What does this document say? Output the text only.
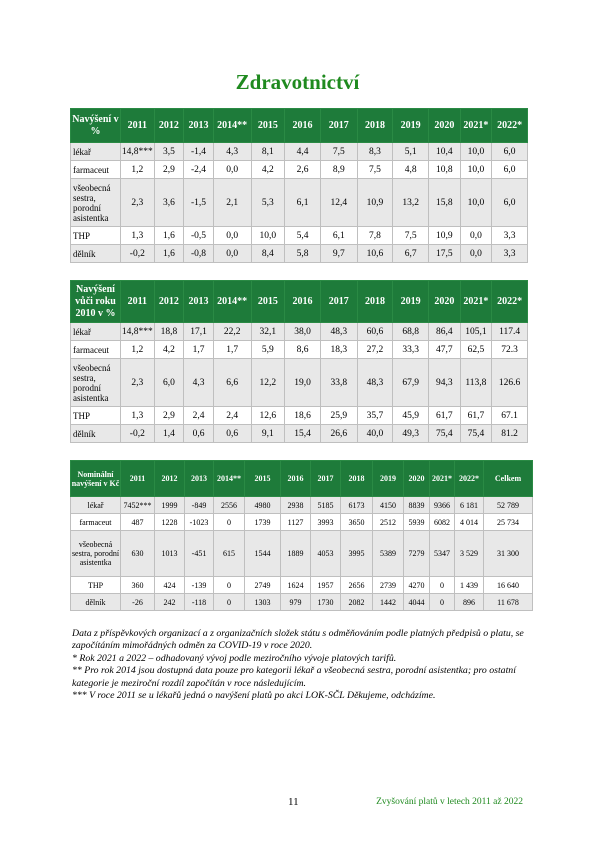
Zdravotnictví
Navýšení v %	2011	2012	2013	2014**	2015	2016	2017	2018	2019	2020	2021*	2022*
lékař	14,8***	3,5	-1,4	4,3	8,1	4,4	7,5	8,3	5,1	10,4	10,0	6,0
farmaceut	1,2	2,9	-2,4	0,0	4,2	2,6	8,9	7,5	4,8	10,8	10,0	6,0
všeobecná sestra, porodní asistentka	2,3	3,6	-1,5	2,1	5,3	6,1	12,4	10,9	13,2	15,8	10,0	6,0
THP	1,3	1,6	-0,5	0,0	10,0	5,4	6,1	7,8	7,5	10,9	0,0	3,3
dělník	-0,2	1,6	-0,8	0,0	8,4	5,8	9,7	10,6	6,7	17,5	0,0	3,3
Navýšení vůči roku 2010 v %	2011	2012	2013	2014**	2015	2016	2017	2018	2019	2020	2021*	2022*
lékař	14,8***	18,8	17,1	22,2	32,1	38,0	48,3	60,6	68,8	86,4	105,1	117.4
farmaceut	1,2	4,2	1,7	1,7	5,9	8,6	18,3	27,2	33,3	47,7	62,5	72.3
všeobecná sestra, porodní asistentka	2,3	6,0	4,3	6,6	12,2	19,0	33,8	48,3	67,9	94,3	113,8	126.6
THP	1,3	2,9	2,4	2,4	12,6	18,6	25,9	35,7	45,9	61,7	61,7	67.1
dělník	-0,2	1,4	0,6	0,6	9,1	15,4	26,6	40,0	49,3	75,4	75,4	81.2
Nominální navýšení v Kč	2011	2012	2013	2014**	2015	2016	2017	2018	2019	2020	2021*	2022*	Celkem
lékař	7452***	1999	-849	2556	4980	2938	5185	6173	4150	8839	9366	6 181	52 789
farmaceut	487	1228	-1023	0	1739	1127	3993	3650	2512	5939	6082	4 014	25 734
všeobecná sestra, porodní asistentka	630	1013	-451	615	1544	1889	4053	3995	5389	7279	5347	3 529	31 300
THP	360	424	-139	0	2749	1624	1957	2656	2739	4270	0	1 439	16 640
dělník	-26	242	-118	0	1303	979	1730	2082	1442	4044	0	896	11 678

Data z příspěvkových organizací a z organizačních složek státu s odměňováním podle platných předpisů o platu, se započítáním mimořádných odměn za COVID-19 v roce 2020.

* Rok 2021 a 2022 – odhadovaný vývoj podle meziročního vývoje platových tarifů.

** Pro rok 2014 jsou dostupná data pouze pro kategorii lékař a všeobecná sestra, porodní asistentka; pro ostatní kategorie je meziroční rozdíl započítán v roce následujícím.

*** V roce 2011 se u lékařů jedná o navýšení platů po akci LOK-SČL Děkujeme, odcházíme.

11	Zvyšování platů v letech 2011 až 2022
